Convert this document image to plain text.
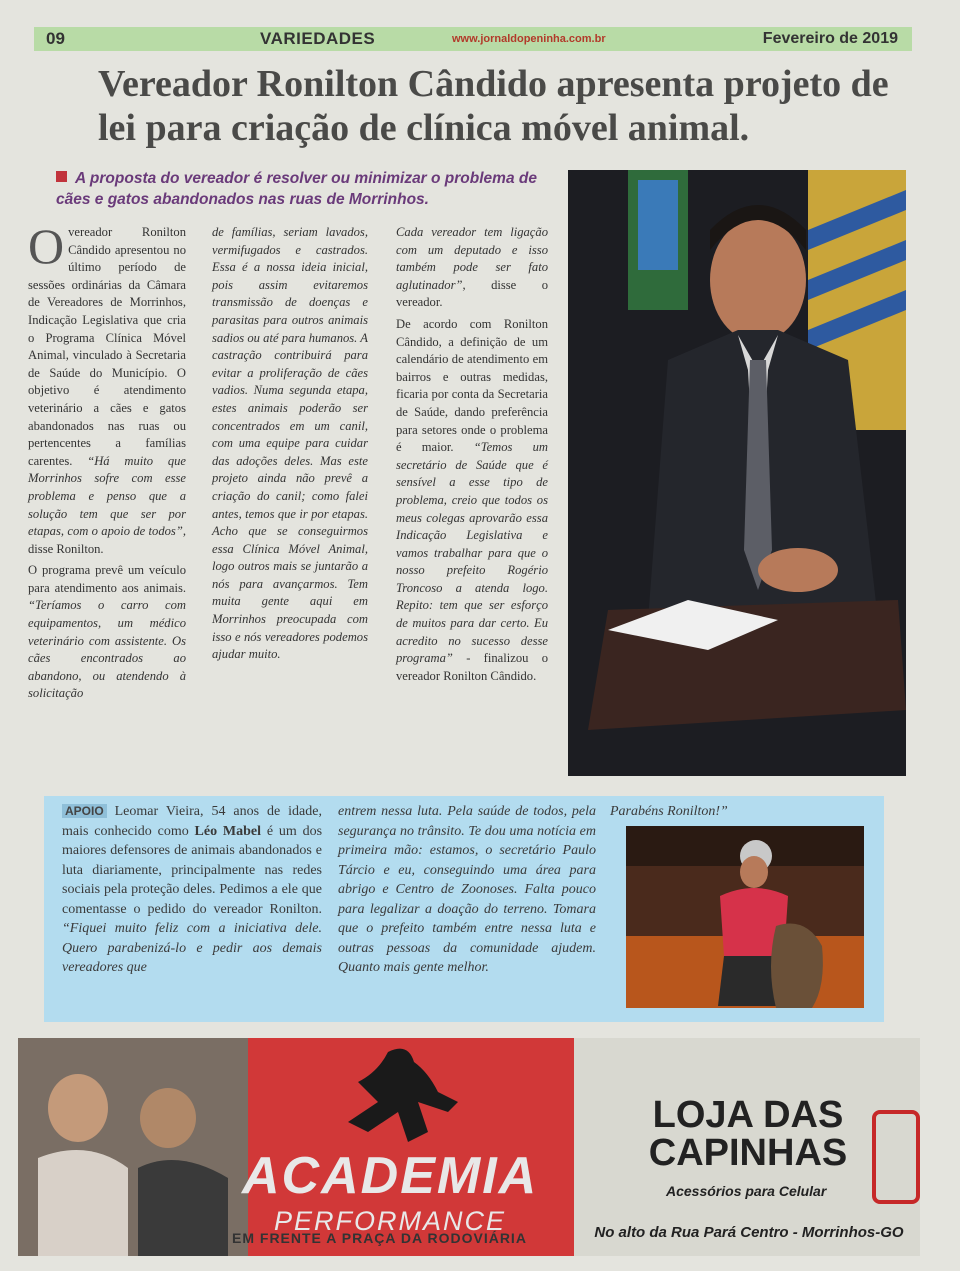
09	VARIEDADES	www.jornaldopeninha.com.br	Fevereiro de 2019
Vereador Ronilton Cândido apresenta projeto de lei para criação de clínica móvel animal.
A proposta do vereador é resolver ou minimizar o problema de cães e gatos abandonados nas ruas de Morrinhos.

Overeador Ronilton Cândido apresentou no último período de sessões ordinárias da Câmara de Vereadores de Morrinhos, Indicação Legislativa que cria o Programa Clínica Móvel Animal, vinculado à Secretaria de Saúde do Município. O objetivo é atendimento veterinário a cães e gatos abandonados nas ruas ou pertencentes a famílias carentes. “Há muito que Morrinhos sofre com esse problema e penso que a solução tem que ser por etapas, com o apoio de todos”, disse Ronilton.

O programa prevê um veículo para atendimento aos animais. “Teríamos o carro com equipamentos, um médico veterinário com assistente. Os cães encontrados ao abandono, ou atendendo à solicitação

de famílias, seriam lavados, vermifugados e castrados. Essa é a nossa ideia inicial, pois assim evitaremos transmissão de doenças e parasitas para outros animais sadios ou até para humanos. A castração contribuirá para evitar a proliferação de cães vadios. Numa segunda etapa, estes animais poderão ser concentrados em um canil, com uma equipe para cuidar das adoções deles. Mas este projeto ainda não prevê a criação do canil; como falei antes, temos que ir por etapas. Acho que se conseguirmos essa Clínica Móvel Animal, logo outros mais se juntarão a nós para avançarmos. Tem muita gente aqui em Morrinhos preocupada com isso e nós vereadores podemos ajudar muito.

Cada vereador tem ligação com um deputado e isso também pode ser fato aglutinador”, disse o vereador.

De acordo com Ronilton Cândido, a definição de um calendário de atendimento em bairros e outras medidas, ficaria por conta da Secretaria de Saúde, dando preferência para setores onde o problema é maior. “Temos um secretário de Saúde que é sensível a esse tipo de problema, creio que todos os meus colegas aprovarão essa Indicação Legislativa e vamos trabalhar para que o nosso prefeito Rogério Troncoso a atenda logo. Repito: tem que ser esforço de muitos para dar certo. Eu acredito no sucesso desse programa” - finalizou o vereador Ronilton Cândido.

APOIO Leomar Vieira, 54 anos de idade, mais conhecido como Léo Mabel é um dos maiores defensores de animais abandonados e luta diariamente, principalmente nas redes sociais pela proteção deles. Pedimos a ele que comentasse o pedido do vereador Ronilton. “Fiquei muito feliz com a iniciativa dele. Quero parabenizá-lo e pedir aos demais vereadores que
entrem nessa luta. Pela saúde de todos, pela segurança no trânsito. Te dou uma notícia em primeira mão: estamos, o secretário Paulo Tárcio e eu, conseguindo uma área para abrigo e Centro de Zoonoses. Falta pouco para legalizar a doação do terreno. Tomara que o prefeito também entre nessa luta e outras pessoas da comunidade ajudem. Quanto mais gente melhor.
Parabéns Ronilton!”
ACADEMIA
PERFORMANCE
EM FRENTE A PRAÇA DA RODOVIÁRIA
LOJA DAS CAPINHAS
Acessórios para Celular
No alto da Rua Pará Centro - Morrinhos-GO
